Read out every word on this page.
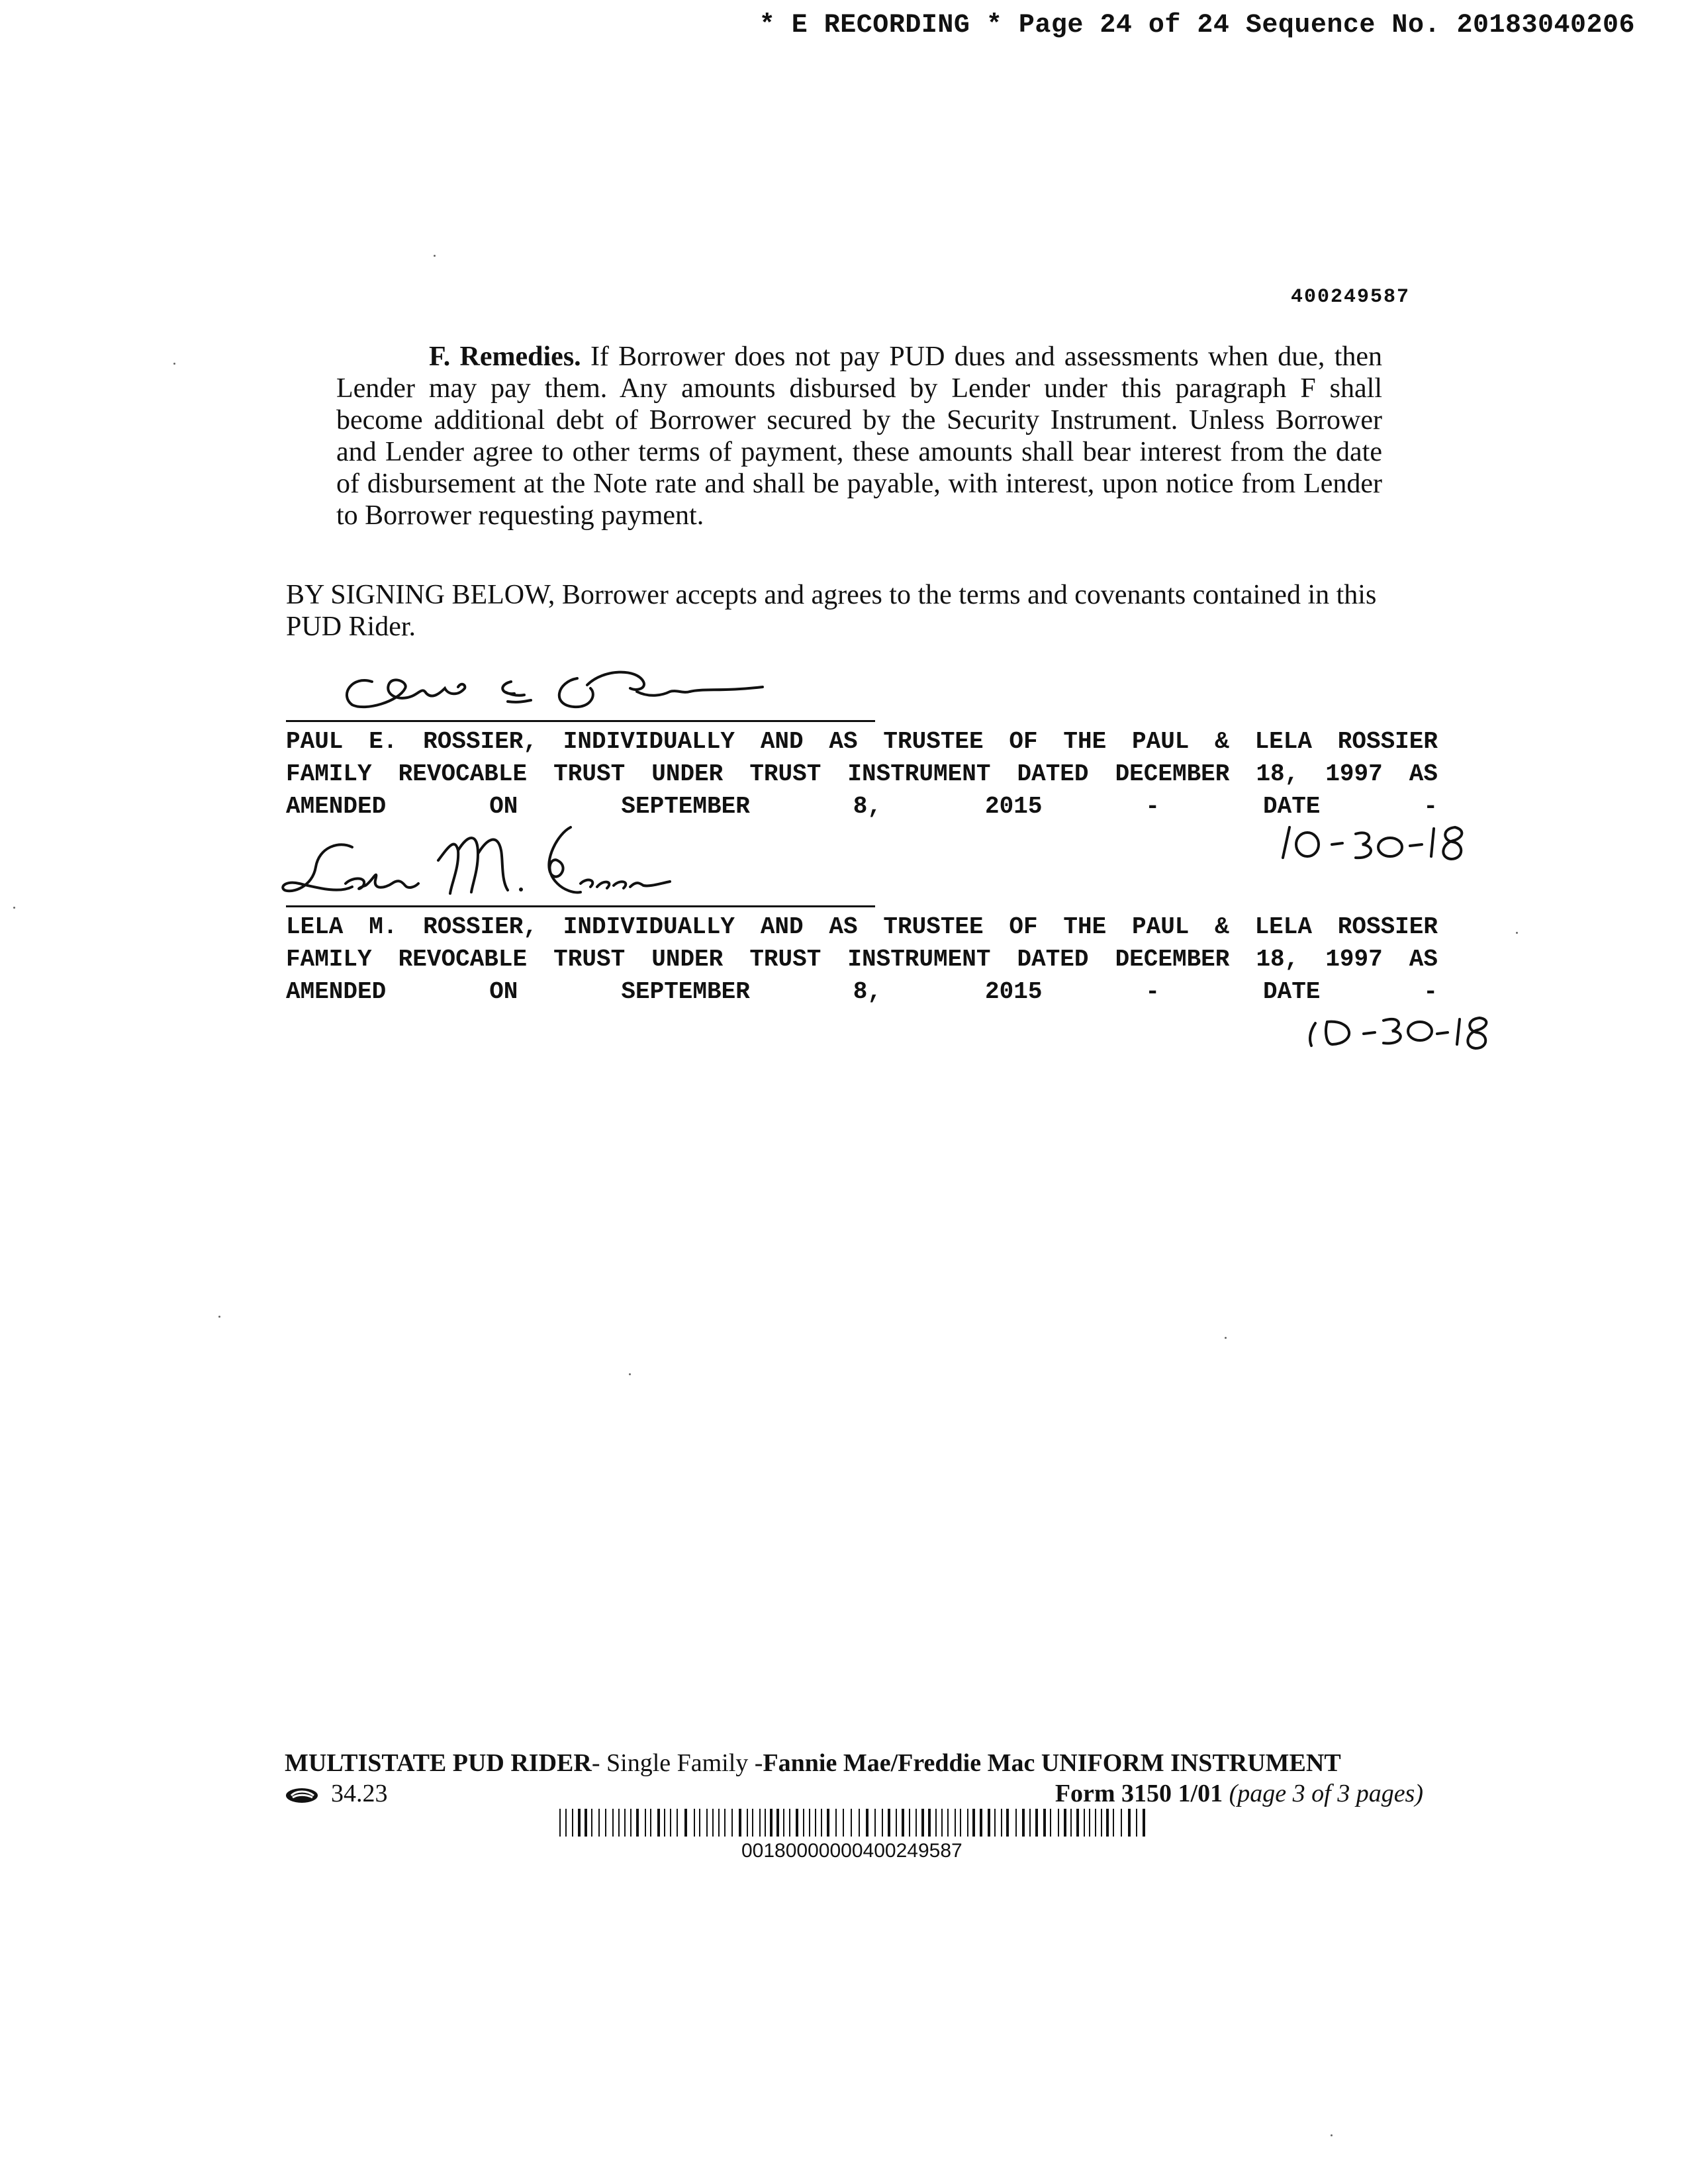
* E RECORDING * Page 24 of 24 Sequence No. 20183040206
400249587
F. Remedies. If Borrower does not pay PUD dues and assessments when due, then Lender may pay them. Any amounts disbursed by Lender under this paragraph F shall become additional debt of Borrower secured by the Security Instrument. Unless Borrower and Lender agree to other terms of payment, these amounts shall bear interest from the date of disbursement at the Note rate and shall be payable, with interest, upon notice from Lender to Borrower requesting payment.
BY SIGNING BELOW, Borrower accepts and agrees to the terms and covenants contained in this PUD Rider.
PAUL E. ROSSIER, INDIVIDUALLY AND AS TRUSTEE OF THE PAUL & LELA ROSSIER FAMILY REVOCABLE TRUST UNDER TRUST INSTRUMENT DATED DECEMBER 18, 1997 AS AMENDED ON SEPTEMBER 8, 2015 - DATE -
LELA M. ROSSIER, INDIVIDUALLY AND AS TRUSTEE OF THE PAUL & LELA ROSSIER FAMILY REVOCABLE TRUST UNDER TRUST INSTRUMENT DATED DECEMBER 18, 1997 AS AMENDED ON SEPTEMBER 8, 2015 - DATE -
MULTISTATE PUD RIDER- Single Family -Fannie Mae/Freddie Mac UNIFORM INSTRUMENT
34.23	Form 3150 1/01 (page 3 of 3 pages)
00180000000400249587
